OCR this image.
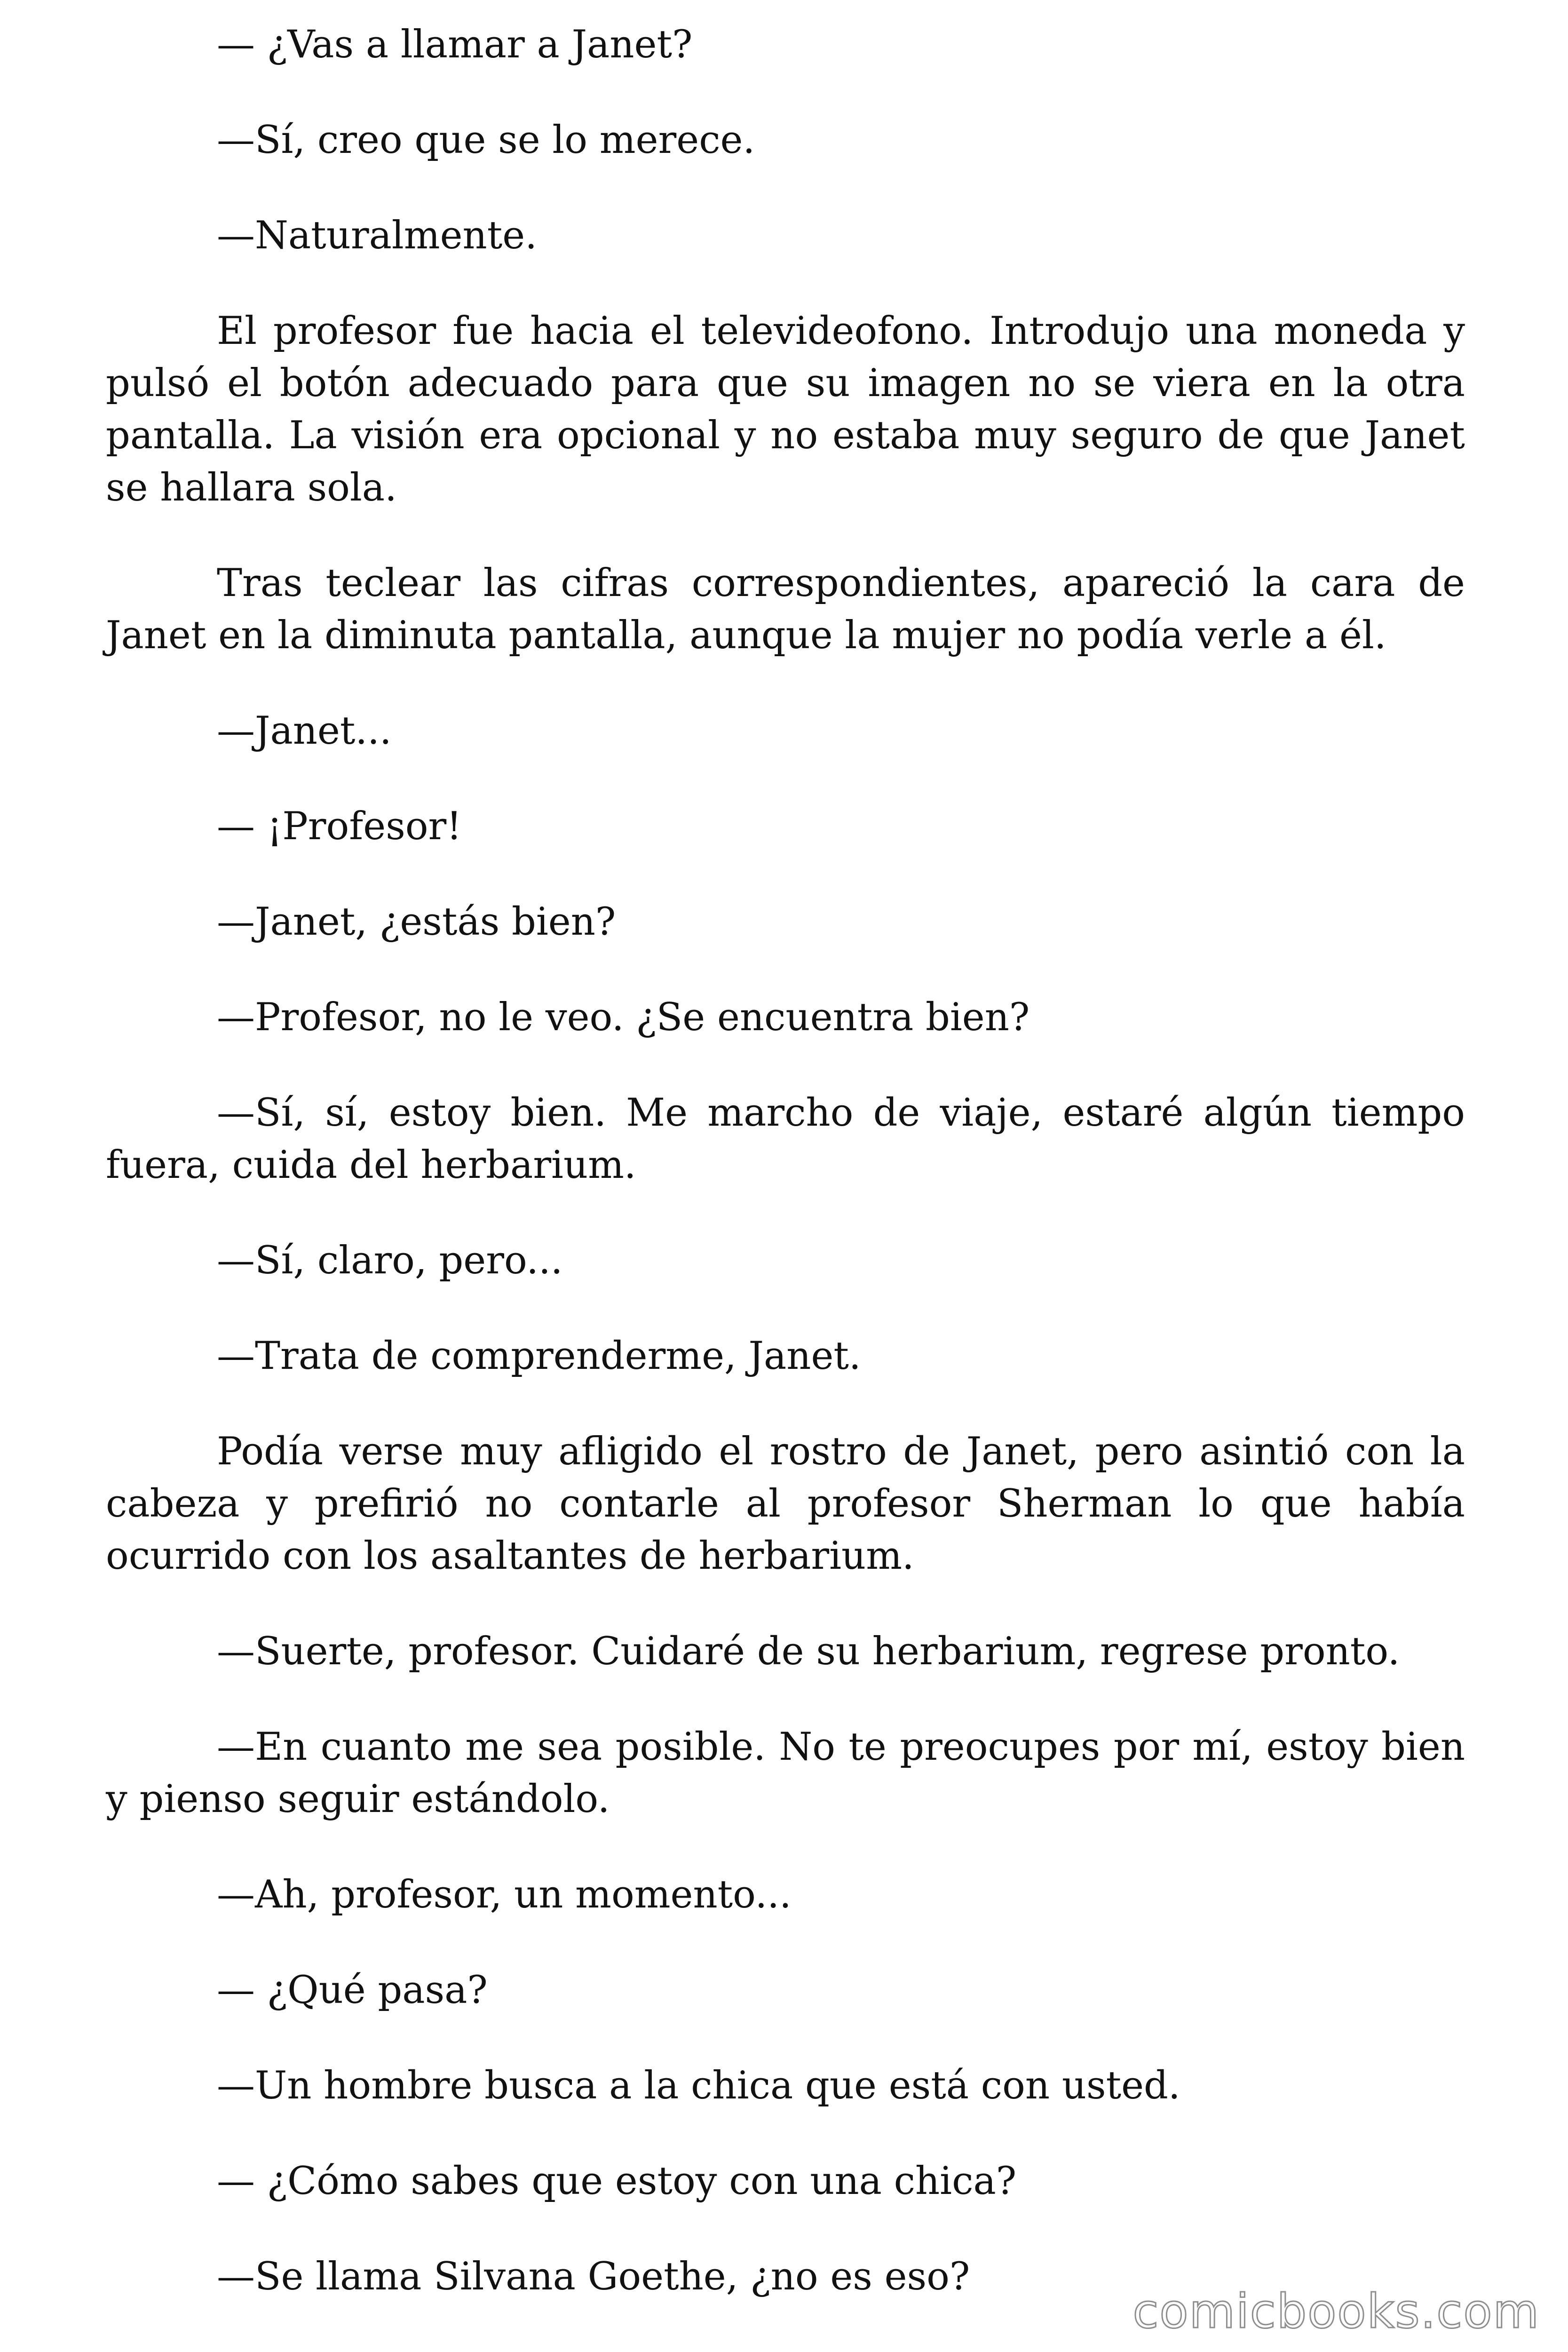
— ¿Vas a llamar a Janet?

—Sí, creo que se lo merece.

—Naturalmente.

El profesor fue hacia el televideofono. Introdujo una moneda y pulsó el botón adecuado para que su imagen no se viera en la otra pantalla. La visión era opcional y no estaba muy seguro de que Janet se hallara sola.

Tras teclear las cifras correspondientes, apareció la cara de Janet en la diminuta pantalla, aunque la mujer no podía verle a él.

—Janet...

— ¡Profesor!

—Janet, ¿estás bien?

—Profesor, no le veo. ¿Se encuentra bien?

—Sí, sí, estoy bien. Me marcho de viaje, estaré algún tiempo fuera, cuida del herbarium.

—Sí, claro, pero...

—Trata de comprenderme, Janet.

Podía verse muy afligido el rostro de Janet, pero asintió con la cabeza y prefirió no contarle al profesor Sherman lo que había ocurrido con los asaltantes de herbarium.

—Suerte, profesor. Cuidaré de su herbarium, regrese pronto.

—En cuanto me sea posible. No te preocupes por mí, estoy bien y pienso seguir estándolo.

—Ah, profesor, un momento...

— ¿Qué pasa?

—Un hombre busca a la chica que está con usted.

— ¿Cómo sabes que estoy con una chica?

—Se llama Silvana Goethe, ¿no es eso?

comicbooks.com
